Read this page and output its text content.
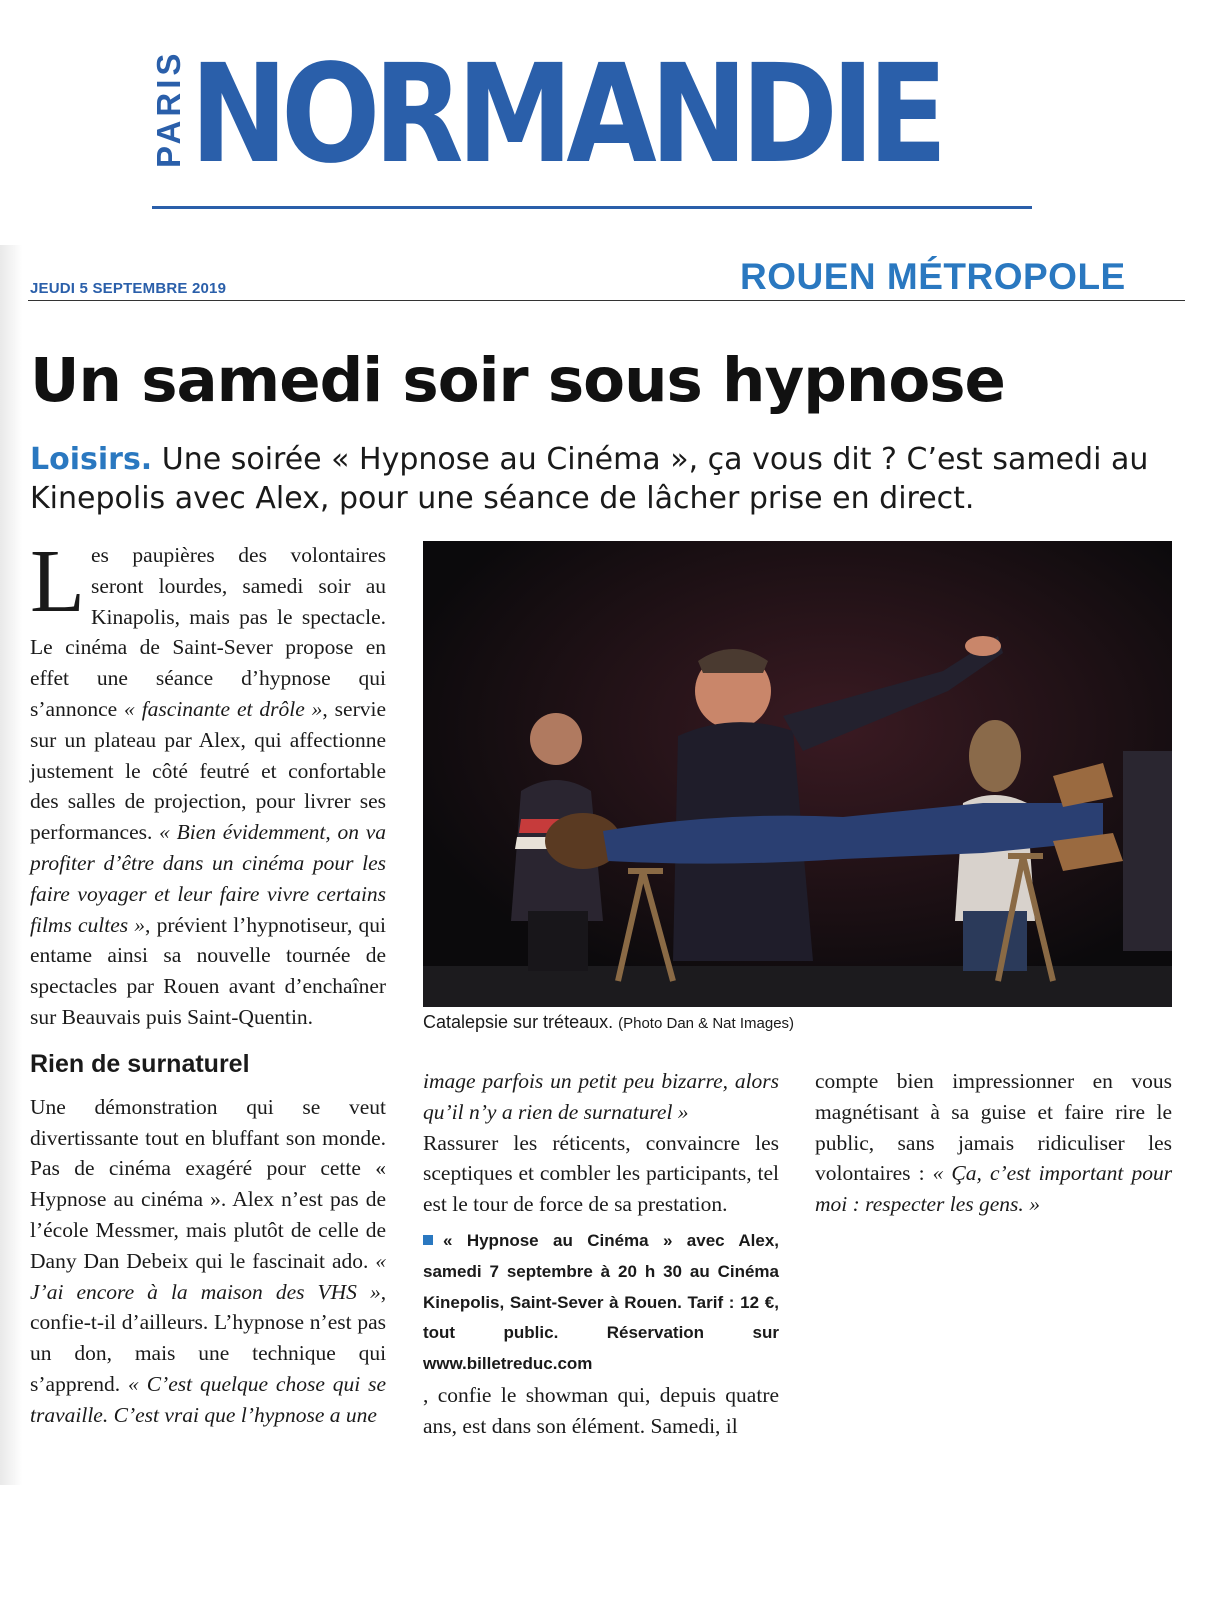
PARIS NORMANDIE
JEUDI 5 SEPTEMBRE 2019	ROUEN MÉTROPOLE
Un samedi soir sous hypnose
Loisirs. Une soirée « Hypnose au Cinéma », ça vous dit ? C’est samedi au Kinepolis avec Alex, pour une séance de lâcher prise en direct.

Les paupières des volontaires seront lourdes, samedi soir au Kinapolis, mais pas le spectacle. Le cinéma de Saint-Sever propose en effet une séance d’hypnose qui s’annonce « fascinante et drôle », servie sur un plateau par Alex, qui affectionne justement le côté feutré et confortable des salles de projection, pour livrer ses performances. « Bien évidemment, on va profiter d’être dans un cinéma pour les faire voyager et leur faire vivre certains films cultes », prévient l’hypnotiseur, qui entame ainsi sa nouvelle tournée de spectacles par Rouen avant d’enchaîner sur Beauvais puis Saint-Quentin.

Rien de surnaturel

Une démonstration qui se veut divertissante tout en bluffant son monde. Pas de cinéma exagéré pour cette « Hypnose au cinéma ». Alex n’est pas de l’école Messmer, mais plutôt de celle de Dany Dan Debeix qui le fascinait ado. « J’ai encore à la maison des VHS », confie-t-il d’ailleurs. L’hypnose n’est pas un don, mais une technique qui s’apprend. « C’est quelque chose qui se travaille. C’est vrai que l’hypnose a une

image parfois un petit peu bizarre, alors qu’il n’y a rien de surnaturel »

Rassurer les réticents, convaincre les sceptiques et combler les participants, tel est le tour de force de sa prestation.

« Hypnose au Cinéma » avec Alex, samedi 7 septembre à 20 h 30 au Cinéma Kinepolis, Saint-Sever à Rouen. Tarif : 12 €, tout	public.	Réservation	sur www.billetreduc.com
, confie le showman qui, depuis quatre ans, est dans son élément. Samedi, il
compte bien impressionner en vous magnétisant à sa guise et faire rire le public, sans jamais ridiculiser les volontaires : « Ça, c’est important pour moi : respecter les gens. »
Catalepsie sur tréteaux. (Photo Dan & Nat Images)
